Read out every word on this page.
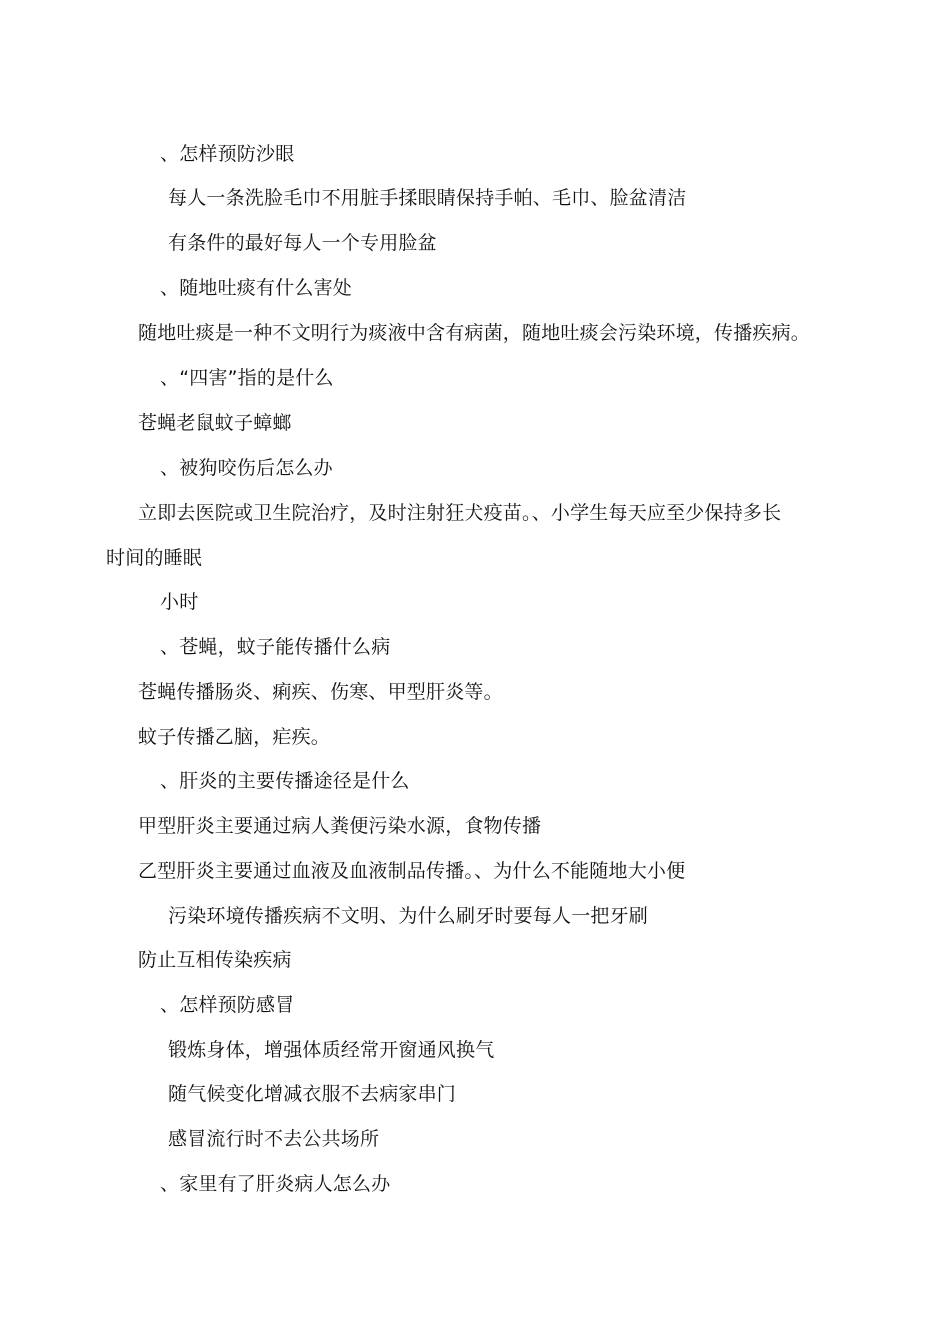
、怎样预防沙眼
每人一条洗脸毛巾不用脏手揉眼睛保持手帕、毛巾、脸盆清洁
有条件的最好每人一个专用脸盆
、随地吐痰有什么害处
随地吐痰是一种不文明行为痰液中含有病菌，随地吐痰会污染环境，传播疾病。
、“四害”指的是什么
苍蝇老鼠蚊子蟑螂
、被狗咬伤后怎么办
立即去医院或卫生院治疗，及时注射狂犬疫苗。、小学生每天应至少保持多长
时间的睡眠
小时
、苍蝇，蚊子能传播什么病
苍蝇传播肠炎、痢疾、伤寒、甲型肝炎等。
蚊子传播乙脑，疟疾。
、肝炎的主要传播途径是什么
甲型肝炎主要通过病人粪便污染水源，食物传播
乙型肝炎主要通过血液及血液制品传播。、为什么不能随地大小便
污染环境传播疾病不文明、为什么刷牙时要每人一把牙刷
防止互相传染疾病
、怎样预防感冒
锻炼身体，增强体质经常开窗通风换气
随气候变化增减衣服不去病家串门
感冒流行时不去公共场所
、家里有了肝炎病人怎么办
